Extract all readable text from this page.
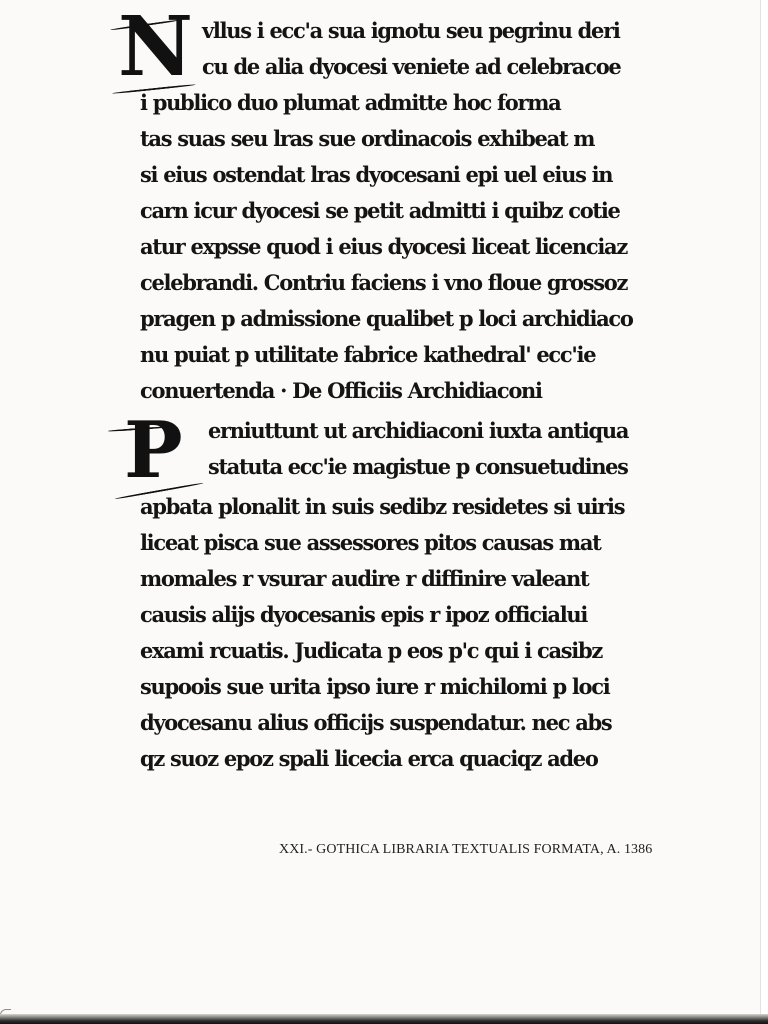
N vllus i ecc'a sua ignotu seu pegrinu deri
cu de alia dyocesi veniete ad celebracoe
i publico duo plumat admitte hoc forma
tas suas seu lras sue ordinacois exhibeat m
si eius ostendat lras dyocesani epi uel eius in
carn icur dyocesi se petit admitti i quibz cotie
atur expsse quod i eius dyocesi liceat licenciaz
celebrandi. Contriu faciens i vno floue grossoz
pragen p admissione qualibet p loci archidiaco
nu puiat p utilitate fabrice kathedral' ecc'ie
conuertenda · De Officiis Archidiaconi
P erniuttunt ut archidiaconi iuxta antiqua
statuta ecc'ie magistue p consuetudines
apbata plonalit in suis sedibz residetes si uiris
liceat pisca sue assessores pitos causas mat
momales r vsurar audire r diffinire valeant
causis alijs dyocesanis epis r ipoz officialui
exami rcuatis. Judicata p eos p'c qui i casibz
supoois sue urita ipso iure r michilomi p loci
dyocesanu alius officijs suspendatur. nec abs
qz suoz epoz spali licecia erca quaciqz adeo
XXI.- GOTHICA LIBRARIA TEXTUALIS FORMATA, A. 1386
